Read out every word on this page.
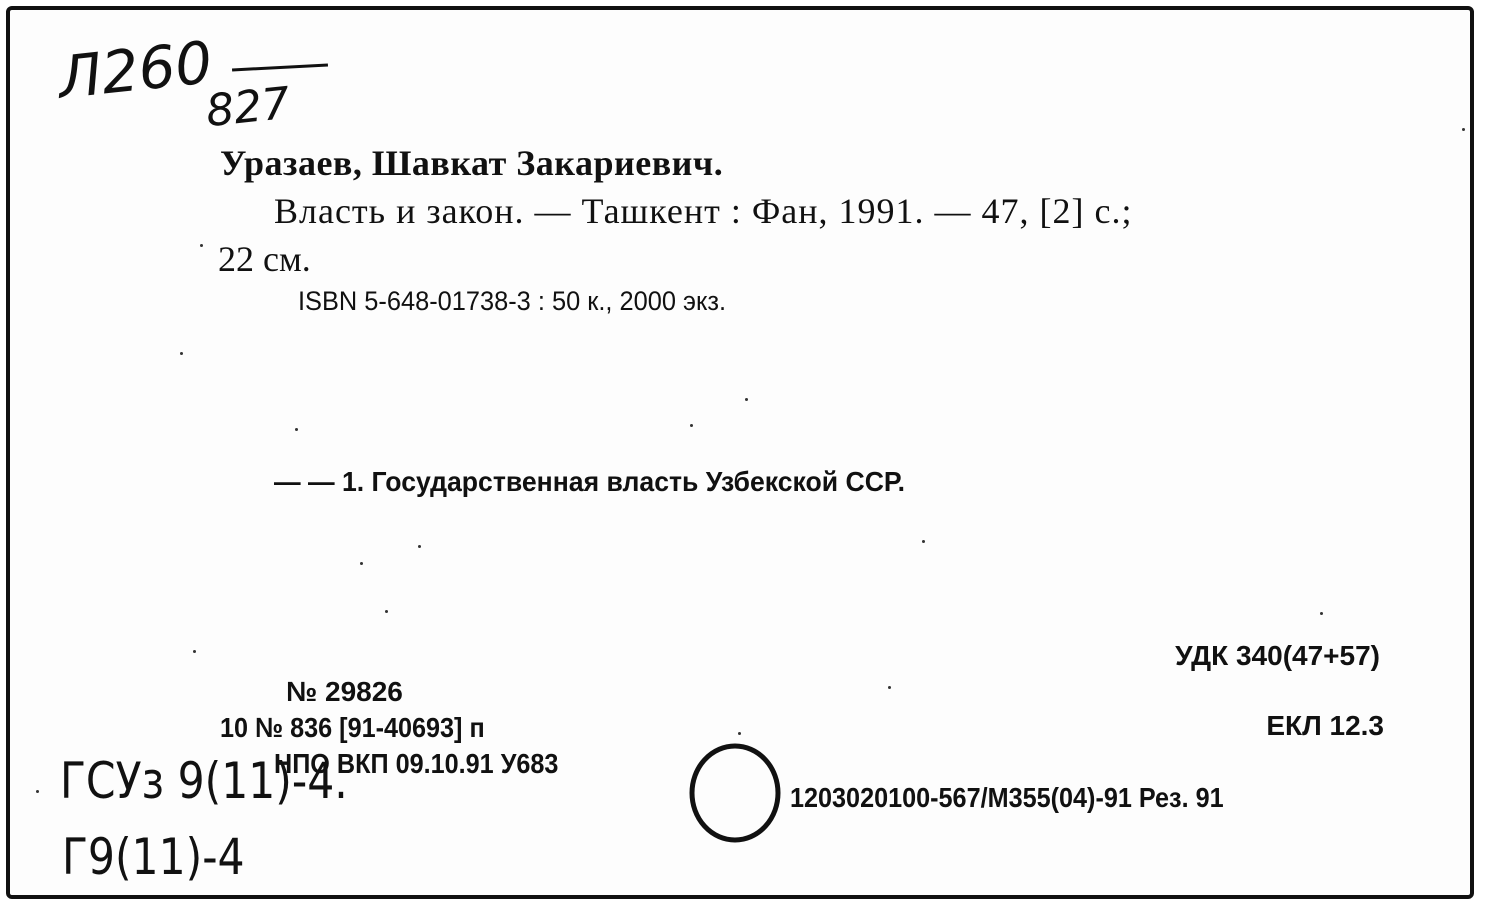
Л260
827
Уразаев, Шавкат Закариевич.
Власть и закон. — Ташкент : Фан, 1991. — 47, [2] с.;
22 см.
ISBN 5-648-01738-3 : 50 к., 2000 экз.
— — 1. Государственная власть Узбекской ССР.
УДК 340(47+57)
ЕКЛ 12.3
1203020100-567/М355(04)-91 Рез. 91
№ 29826
10 № 836 [91-40693] п
НПО ВКП 09.10.91 У683
ГСУз 9(11)-4.
Г9(11)-4
